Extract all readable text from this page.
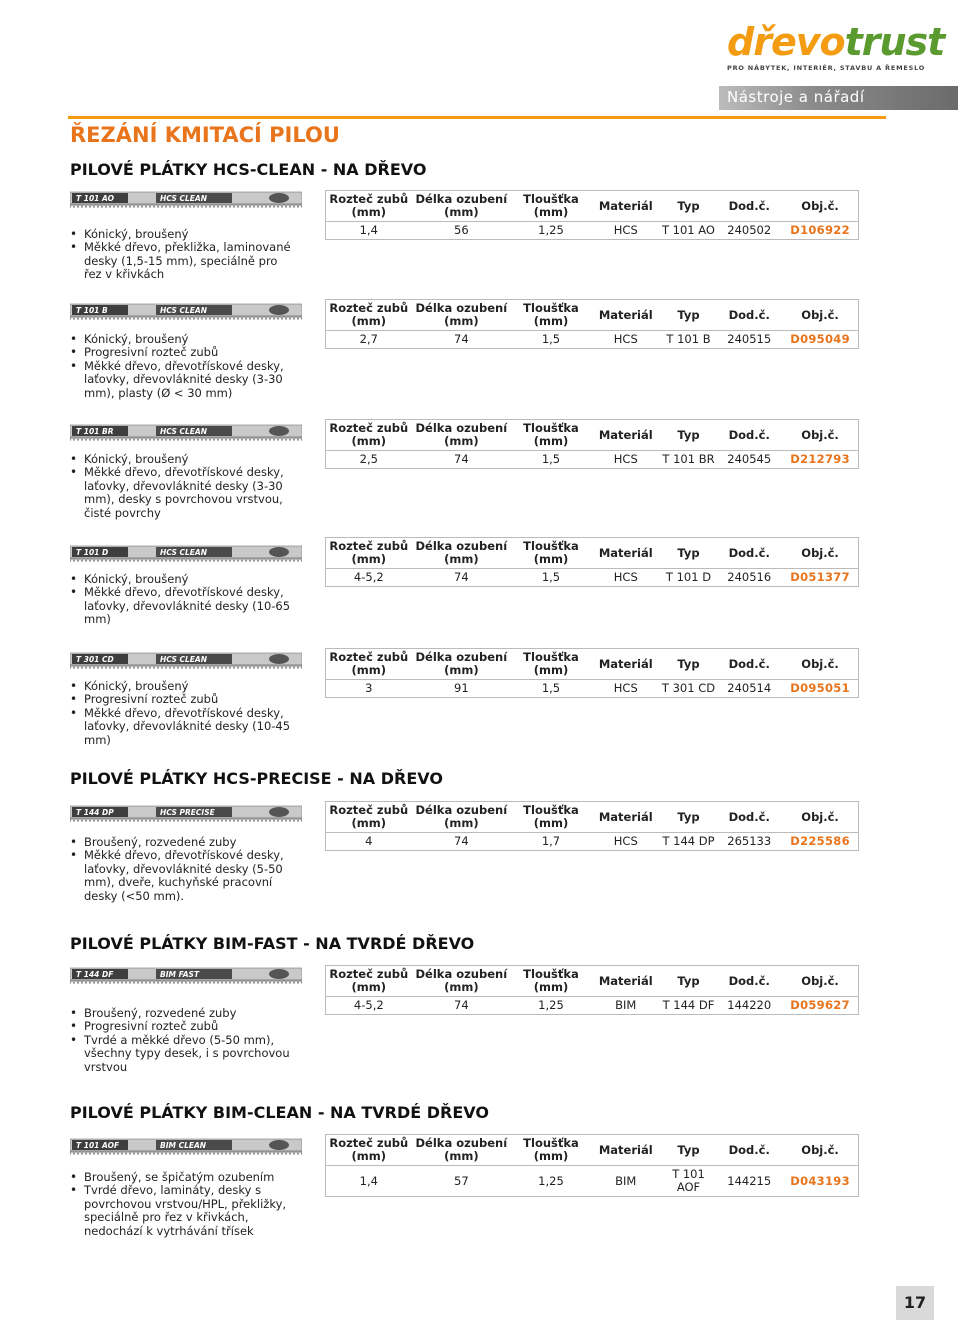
dřevotrust
PRO NÁBYTEK, INTERIÉR, STAVBU A ŘEMESLO
Nástroje a nářadí
ŘEZÁNÍ KMITACÍ PILOU
PILOVÉ PLÁTKY HCS-CLEAN - NA DŘEVO
PILOVÉ PLÁTKY HCS-PRECISE - NA DŘEVO
PILOVÉ PLÁTKY BIM-FAST - NA TVRDÉ DŘEVO
PILOVÉ PLÁTKY BIM-CLEAN - NA TVRDÉ DŘEVO
T 101 AO	HCS CLEAN
• Kónický, broušený
• Měkké dřevo, překližka, laminované desky (1,5-15 mm), speciálně pro řez v křivkách
Rozteč zubů
(mm)	Délka ozubení
(mm)	Tloušťka
(mm)	Materiál	Typ	Dod.č.	Obj.č.
1,4	56	1,25	HCS	T 101 AO	240502	D106922
T 101 B	HCS CLEAN
• Kónický, broušený
• Progresivní rozteč zubů
• Měkké dřevo, dřevotřískové desky, laťovky, dřevovláknité desky (3-30 mm), plasty (Ø < 30 mm)
Rozteč zubů
(mm)	Délka ozubení
(mm)	Tloušťka
(mm)	Materiál	Typ	Dod.č.	Obj.č.
2,7	74	1,5	HCS	T 101 B	240515	D095049
T 101 BR	HCS CLEAN
• Kónický, broušený
• Měkké dřevo, dřevotřískové desky, laťovky, dřevovláknité desky (3-30 mm), desky s povrchovou vrstvou, čisté povrchy
Rozteč zubů
(mm)	Délka ozubení
(mm)	Tloušťka
(mm)	Materiál	Typ	Dod.č.	Obj.č.
2,5	74	1,5	HCS	T 101 BR	240545	D212793
T 101 D	HCS CLEAN
• Kónický, broušený
• Měkké dřevo, dřevotřískové desky, laťovky, dřevovláknité desky (10-65 mm)
Rozteč zubů
(mm)	Délka ozubení
(mm)	Tloušťka
(mm)	Materiál	Typ	Dod.č.	Obj.č.
4-5,2	74	1,5	HCS	T 101 D	240516	D051377
T 301 CD	HCS CLEAN
• Kónický, broušený
• Progresivní rozteč zubů
• Měkké dřevo, dřevotřískové desky, laťovky, dřevovláknité desky (10-45 mm)
Rozteč zubů
(mm)	Délka ozubení
(mm)	Tloušťka
(mm)	Materiál	Typ	Dod.č.	Obj.č.
3	91	1,5	HCS	T 301 CD	240514	D095051
T 144 DP	HCS PRECISE
• Broušený, rozvedené zuby
• Měkké dřevo, dřevotřískové desky, laťovky, dřevovláknité desky (5-50 mm), dveře, kuchyňské pracovní desky (<50 mm).
Rozteč zubů
(mm)	Délka ozubení
(mm)	Tloušťka
(mm)	Materiál	Typ	Dod.č.	Obj.č.
4	74	1,7	HCS	T 144 DP	265133	D225586
T 144 DF	BIM FAST
• Broušený, rozvedené zuby
• Progresivní rozteč zubů
• Tvrdé a měkké dřevo (5-50 mm), všechny typy desek, i s povrchovou vrstvou
Rozteč zubů
(mm)	Délka ozubení
(mm)	Tloušťka
(mm)	Materiál	Typ	Dod.č.	Obj.č.
4-5,2	74	1,25	BIM	T 144 DF	144220	D059627
T 101 AOF	BIM CLEAN
• Broušený, se špičatým ozubením
• Tvrdé dřevo, lamináty, desky s povrchovou vrstvou/HPL, překližky, speciálně pro řez v křivkách, nedochází k vytrhávání třísek
Rozteč zubů
(mm)	Délka ozubení
(mm)	Tloušťka
(mm)	Materiál	Typ	Dod.č.	Obj.č.
1,4	57	1,25	BIM	T 101 AOF	144215	D043193
17
